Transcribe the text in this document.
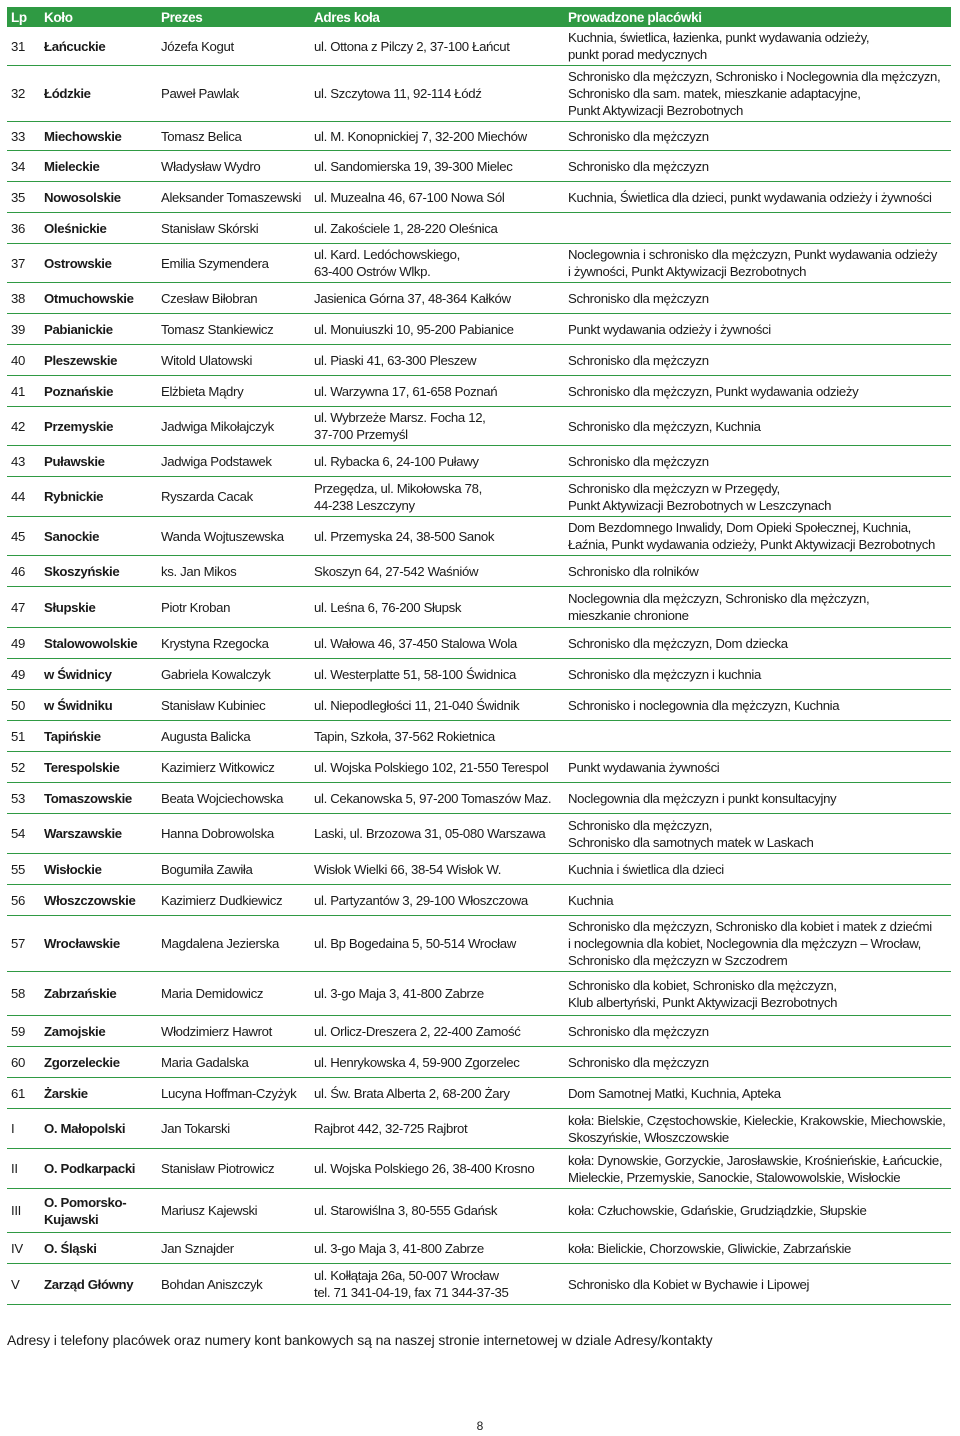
Lp	Koło	Prezes	Adres koła	Prowadzone placówki
31	Łańcuckie	Józefa Kogut	ul. Ottona z Pilczy 2, 37-100 Łańcut	Kuchnia, świetlica, łazienka, punkt wydawania odzieży,
punkt porad medycznych
32	Łódzkie	Paweł Pawlak	ul. Szczytowa 11, 92-114 Łódź	Schronisko dla mężczyzn, Schronisko i Noclegownia dla mężczyzn,
Schronisko dla sam. matek, mieszkanie adaptacyjne,
Punkt Aktywizacji Bezrobotnych
33	Miechowskie	Tomasz Belica	ul. M. Konopnickiej 7, 32-200 Miechów	Schronisko dla mężczyzn
34	Mieleckie	Władysław Wydro	ul. Sandomierska 19, 39-300 Mielec	Schronisko dla mężczyzn
35	Nowosolskie	Aleksander Tomaszewski	ul. Muzealna 46, 67-100 Nowa Sól	Kuchnia, Świetlica dla dzieci, punkt wydawania odzieży i żywności
36	Oleśnickie	Stanisław Skórski	ul. Zakościele 1, 28-220 Oleśnica	
37	Ostrowskie	Emilia Szymendera	ul. Kard. Ledóchowskiego,
63-400 Ostrów Wlkp.	Noclegownia i schronisko dla mężczyzn, Punkt wydawania odzieży
i żywności, Punkt Aktywizacji Bezrobotnych
38	Otmuchowskie	Czesław Biłobran	Jasienica Górna 37, 48-364 Kałków	Schronisko dla mężczyzn
39	Pabianickie	Tomasz Stankiewicz	ul. Monuiuszki 10, 95-200 Pabianice	Punkt wydawania odzieży i żywności
40	Pleszewskie	Witold Ulatowski	ul. Piaski 41, 63-300 Pleszew	Schronisko dla mężczyzn
41	Poznańskie	Elżbieta Mądry	ul. Warzywna 17, 61-658 Poznań	Schronisko dla mężczyzn, Punkt wydawania odzieży
42	Przemyskie	Jadwiga Mikołajczyk	ul. Wybrzeże Marsz. Focha 12,
37-700 Przemyśl	Schronisko dla mężczyzn, Kuchnia
43	Puławskie	Jadwiga Podstawek	ul. Rybacka 6, 24-100 Puławy	Schronisko dla mężczyzn
44	Rybnickie	Ryszarda Cacak	Przegędza, ul. Mikołowska 78,
44-238 Leszczyny	Schronisko dla mężczyzn w Przegędy,
Punkt Aktywizacji Bezrobotnych w Leszczynach
45	Sanockie	Wanda Wojtuszewska	ul. Przemyska 24, 38-500 Sanok	Dom Bezdomnego Inwalidy, Dom Opieki Społecznej, Kuchnia,
Łaźnia, Punkt wydawania odzieży, Punkt Aktywizacji Bezrobotnych
46	Skoszyńskie	ks. Jan Mikos	Skoszyn 64, 27-542 Waśniów	Schronisko dla rolników
47	Słupskie	Piotr Kroban	ul. Leśna 6, 76-200 Słupsk	Noclegownia dla mężczyzn, Schronisko dla mężczyzn,
mieszkanie chronione
49	Stalowowolskie	Krystyna Rzegocka	ul. Wałowa 46, 37-450 Stalowa Wola	Schronisko dla mężczyzn, Dom dziecka
49	w Świdnicy	Gabriela Kowalczyk	ul. Westerplatte 51, 58-100 Świdnica	Schronisko dla mężczyzn i kuchnia
50	w Świdniku	Stanisław Kubiniec	ul. Niepodległości 11, 21-040 Świdnik	Schronisko i noclegownia dla mężczyzn, Kuchnia
51	Tapińskie	Augusta Balicka	Tapin, Szkoła, 37-562 Rokietnica	
52	Terespolskie	Kazimierz Witkowicz	ul. Wojska Polskiego 102, 21-550 Terespol	Punkt wydawania żywności
53	Tomaszowskie	Beata Wojciechowska	ul. Cekanowska 5, 97-200 Tomaszów Maz.	Noclegownia dla mężczyzn i punkt konsultacyjny
54	Warszawskie	Hanna Dobrowolska	Laski, ul. Brzozowa 31, 05-080 Warszawa	Schronisko dla mężczyzn,
Schronisko dla samotnych matek w Laskach
55	Wisłockie	Bogumiła Zawiła	Wisłok Wielki 66, 38-54 Wisłok W.	Kuchnia i świetlica dla dzieci
56	Włoszczowskie	Kazimierz Dudkiewicz	ul. Partyzantów 3, 29-100 Włoszczowa	Kuchnia
57	Wrocławskie	Magdalena Jezierska	ul. Bp Bogedaina 5, 50-514 Wrocław	Schronisko dla mężczyzn, Schronisko dla kobiet i matek z dziećmi
i noclegownia dla kobiet, Noclegownia dla mężczyzn – Wrocław,
Schronisko dla mężczyzn w Szczodrem
58	Zabrzańskie	Maria Demidowicz	ul. 3-go Maja 3, 41-800 Zabrze	Schronisko dla kobiet, Schronisko dla mężczyzn,
Klub albertyński, Punkt Aktywizacji Bezrobotnych
59	Zamojskie	Włodzimierz Hawrot	ul. Orlicz-Dreszera 2, 22-400 Zamość	Schronisko dla mężczyzn
60	Zgorzeleckie	Maria Gadalska	ul. Henrykowska 4, 59-900 Zgorzelec	Schronisko dla mężczyzn
61	Żarskie	Lucyna Hoffman-Czyżyk	ul. Św. Brata Alberta 2, 68-200 Żary	Dom Samotnej Matki, Kuchnia, Apteka
I	O. Małopolski	Jan Tokarski	Rajbrot 442, 32-725 Rajbrot	koła: Bielskie, Częstochowskie, Kieleckie, Krakowskie, Miechowskie,
Skoszyńskie, Włoszczowskie
II	O. Podkarpacki	Stanisław Piotrowicz	ul. Wojska Polskiego 26, 38-400 Krosno	koła: Dynowskie, Gorzyckie, Jarosławskie, Krośnieńskie, Łańcuckie,
Mieleckie, Przemyskie, Sanockie, Stalowowolskie, Wisłockie
III	O. Pomorsko-
Kujawski	Mariusz Kajewski	ul. Starowiślna 3, 80-555 Gdańsk	koła: Człuchowskie, Gdańskie, Grudziądzkie, Słupskie
IV	O. Śląski	Jan Sznajder	ul. 3-go Maja 3, 41-800 Zabrze	koła: Bielickie, Chorzowskie, Gliwickie, Zabrzańskie
V	Zarząd Główny	Bohdan Aniszczyk	ul. Kołłątaja 26a, 50-007 Wrocław
tel. 71 341-04-19, fax 71 344-37-35	Schronisko dla Kobiet w Bychawie i Lipowej
Adresy i telefony placówek oraz numery kont bankowych są na naszej stronie internetowej w dziale Adresy/kontakty
8
